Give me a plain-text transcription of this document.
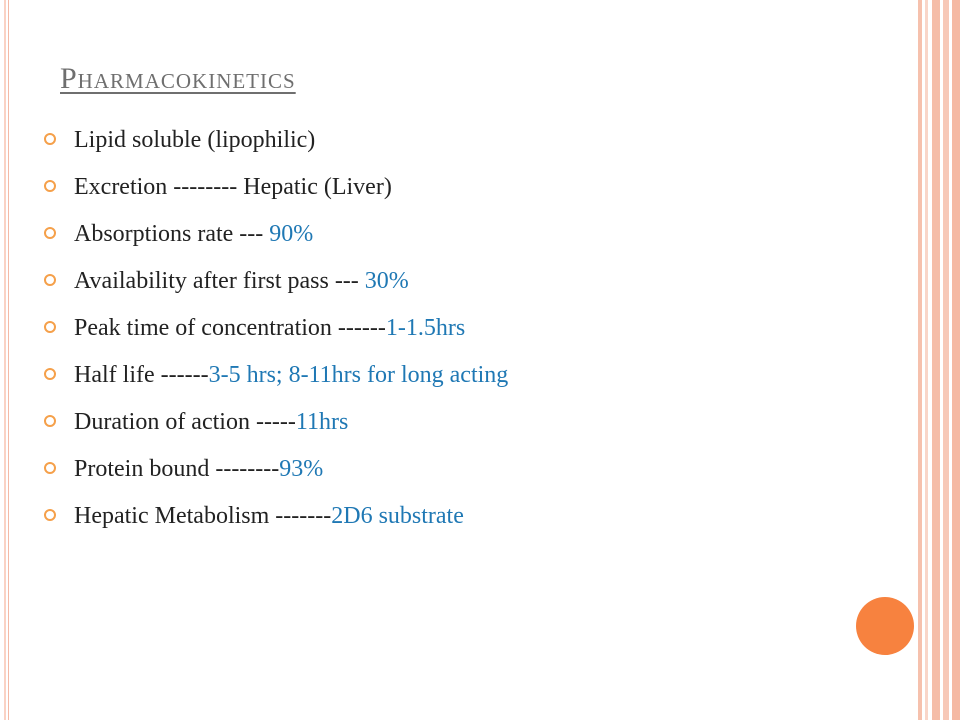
Pharmacokinetics
Lipid soluble (lipophilic)
Excretion -------- Hepatic (Liver)
Absorptions rate --- 90%
Availability after first pass --- 30%
Peak time of concentration ------1-1.5hrs
Half life ------3-5 hrs; 8-11hrs for long acting
Duration of action -----11hrs
Protein bound --------93%
Hepatic Metabolism -------2D6 substrate
